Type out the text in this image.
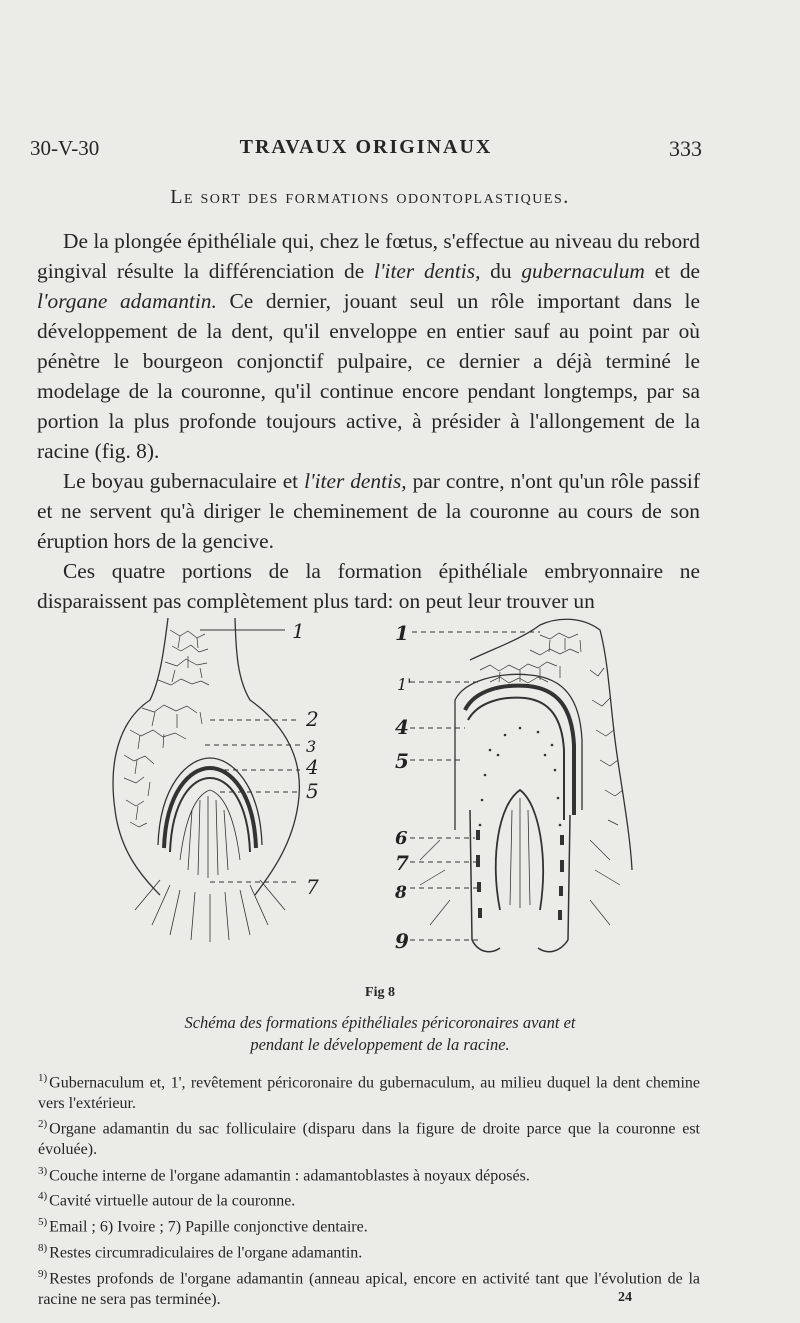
30-V-30	TRAVAUX ORIGINAUX	333
Le sort des formations odontoplastiques.

De la plongée épithéliale qui, chez le fœtus, s'effectue au niveau du rebord gingival résulte la différenciation de l'iter dentis, du gubernaculum et de l'organe adamantin. Ce dernier, jouant seul un rôle important dans le développement de la dent, qu'il enveloppe en entier sauf au point par où pénètre le bourgeon conjonctif pulpaire, ce dernier a déjà terminé le modelage de la couronne, qu'il continue encore pendant longtemps, par sa portion la plus profonde toujours active, à présider à l'allongement de la racine (fig. 8).

Le boyau gubernaculaire et l'iter dentis, par contre, n'ont qu'un rôle passif et ne servent qu'à diriger le cheminement de la couronne au cours de son éruption hors de la gencive.

Ces quatre portions de la formation épithéliale embryonnaire ne disparaissent pas complètement plus tard: on peut leur trouver un

1
2
3
4
5
7
1
1'
4
5
6
7
8
9
Fig 8
Schéma des formations épithéliales péricoronaires avant et
pendant le développement de la racine.

$^{1)}$ Gubernaculum et, 1', revêtement péricoronaire du gubernaculum, au milieu duquel la dent chemine vers l'extérieur.

$^{2)}$ Organe adamantin du sac folliculaire (disparu dans la figure de droite parce que la couronne est évoluée).

$^{3)}$ Couche interne de l'organe adamantin : adamantoblastes à noyaux déposés.

$^{4)}$ Cavité virtuelle autour de la couronne.

$^{5)}$ Email ; 6) Ivoire ; 7) Papille conjonctive dentaire.

$^{8)}$ Restes circumradiculaires de l'organe adamantin.

$^{9)}$ Restes profonds de l'organe adamantin (anneau apical, encore en activité tant que l'évolution de la racine ne sera pas terminée).	24
